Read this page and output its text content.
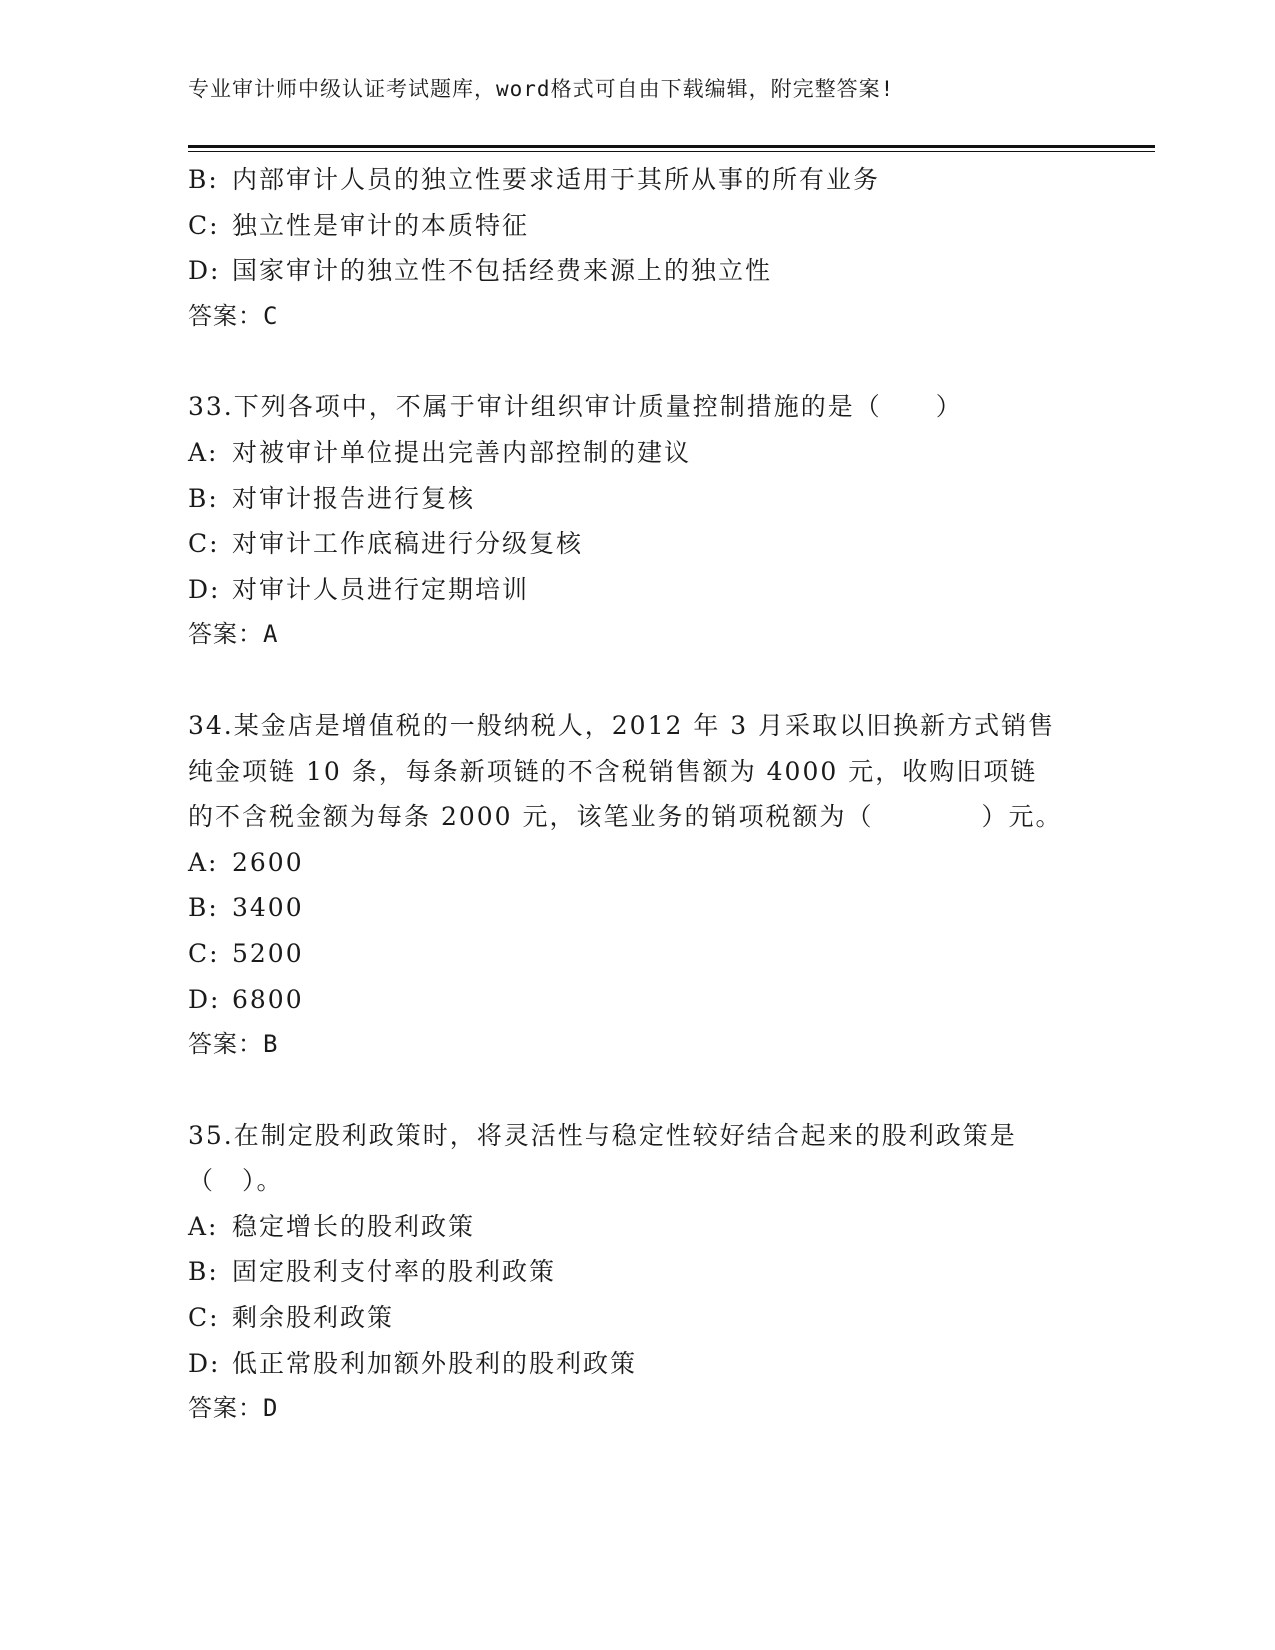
专业审计师中级认证考试题库，word格式可自由下载编辑，附完整答案!
B: 内部审计人员的独立性要求适用于其所从事的所有业务
C: 独立性是审计的本质特征
D: 国家审计的独立性不包括经费来源上的独立性
答案：C
33.下列各项中，不属于审计组织审计质量控制措施的是（　　）
A: 对被审计单位提出完善内部控制的建议
B: 对审计报告进行复核
C: 对审计工作底稿进行分级复核
D: 对审计人员进行定期培训
答案：A
34.某金店是增值税的一般纳税人，2012 年 3 月采取以旧换新方式销售
纯金项链 10 条，每条新项链的不含税销售额为 4000 元，收购旧项链
的不含税金额为每条 2000 元，该笔业务的销项税额为（　　　　）元。
A: 2600
B: 3400
C: 5200
D: 6800
答案：B
35.在制定股利政策时，将灵活性与稳定性较好结合起来的股利政策是
（　）。
A: 稳定增长的股利政策
B: 固定股利支付率的股利政策
C: 剩余股利政策
D: 低正常股利加额外股利的股利政策
答案：D
